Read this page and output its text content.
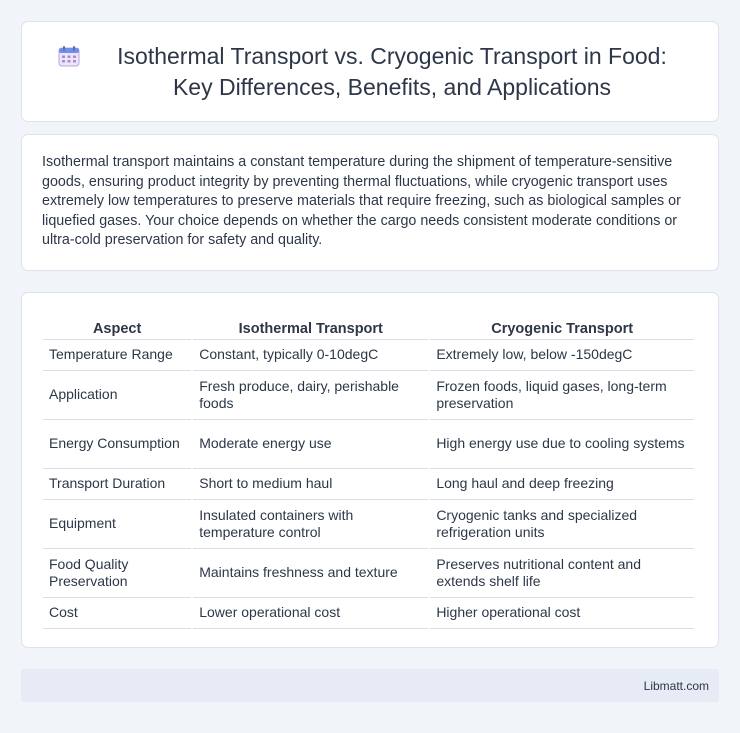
Isothermal Transport vs. Cryogenic Transport in Food: Key Differences, Benefits, and Applications

Isothermal transport maintains a constant temperature during the shipment of temperature-sensitive goods, ensuring product integrity by preventing thermal fluctuations, while cryogenic transport uses extremely low temperatures to preserve materials that require freezing, such as biological samples or liquefied gases. Your choice depends on whether the cargo needs consistent moderate conditions or ultra-cold preservation for safety and quality.

Aspect	Isothermal Transport	Cryogenic Transport
Temperature Range	Constant, typically 0-10degC	Extremely low, below -150degC
Application	Fresh produce, dairy, perishable foods	Frozen foods, liquid gases, long-term preservation
Energy Consumption	Moderate energy use	High energy use due to cooling systems
Transport Duration	Short to medium haul	Long haul and deep freezing
Equipment	Insulated containers with temperature control	Cryogenic tanks and specialized refrigeration units
Food Quality Preservation	Maintains freshness and texture	Preserves nutritional content and extends shelf life
Cost	Lower operational cost	Higher operational cost
Libmatt.com
